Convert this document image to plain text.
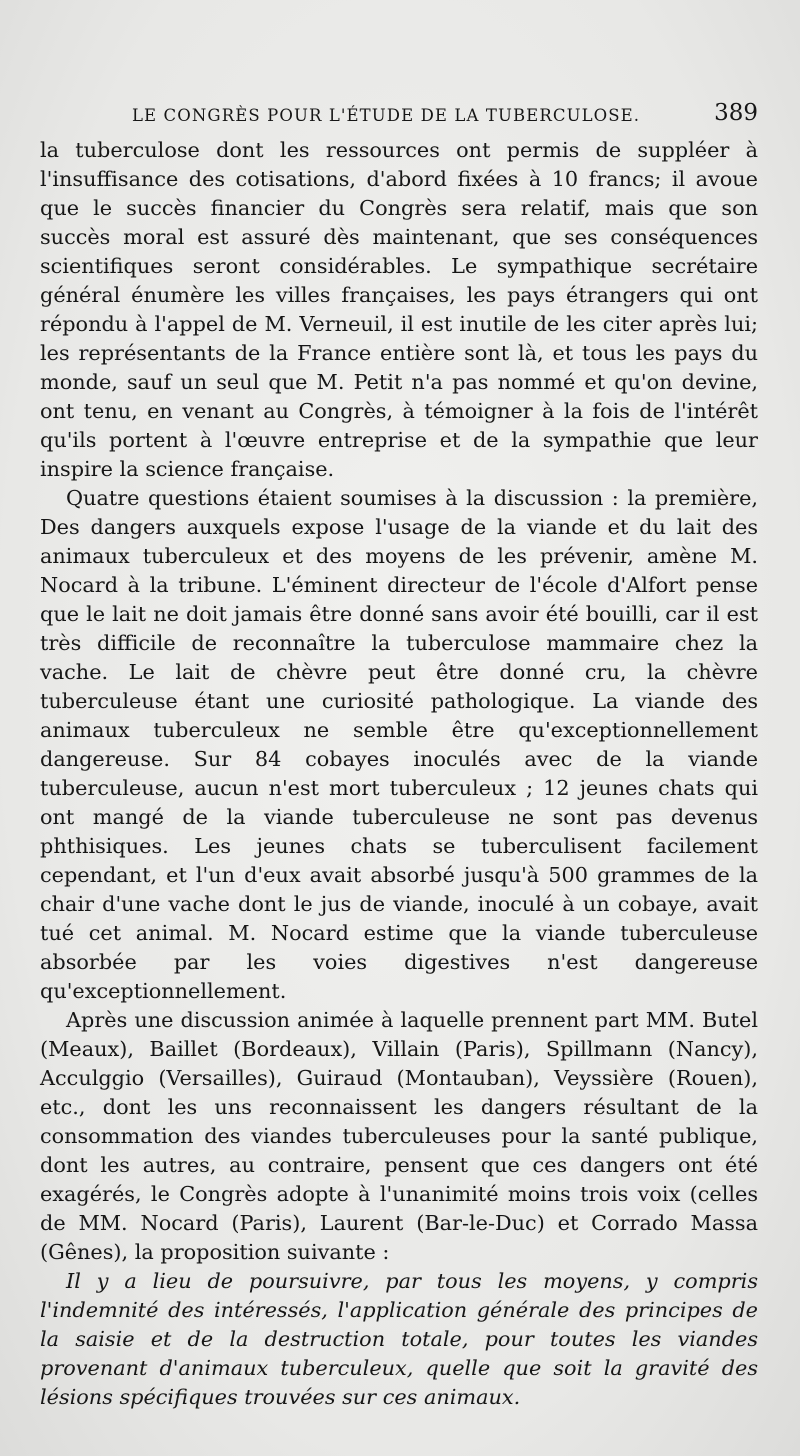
LE CONGRÈS POUR L'ÉTUDE DE LA TUBERCULOSE.	389

la tuberculose dont les ressources ont permis de suppléer à l'insuffisance des cotisations, d'abord fixées à 10 francs; il avoue que le succès financier du Congrès sera relatif, mais que son succès moral est assuré dès maintenant, que ses conséquences scientifiques seront considérables. Le sympathique secrétaire général énumère les villes françaises, les pays étrangers qui ont répondu à l'appel de M. Verneuil, il est inutile de les citer après lui; les représentants de la France entière sont là, et tous les pays du monde, sauf un seul que M. Petit n'a pas nommé et qu'on devine, ont tenu, en venant au Congrès, à témoigner à la fois de l'intérêt qu'ils portent à l'œuvre entreprise et de la sympathie que leur inspire la science française.

Quatre questions étaient soumises à la discussion : la première, Des dangers auxquels expose l'usage de la viande et du lait des animaux tuberculeux et des moyens de les prévenir, amène M. Nocard à la tribune. L'éminent directeur de l'école d'Alfort pense que le lait ne doit jamais être donné sans avoir été bouilli, car il est très difficile de reconnaître la tuberculose mammaire chez la vache. Le lait de chèvre peut être donné cru, la chèvre tuberculeuse étant une curiosité pathologique. La viande des animaux tuberculeux ne semble être qu'exceptionnellement dangereuse. Sur 84 cobayes inoculés avec de la viande tuberculeuse, aucun n'est mort tuberculeux ; 12 jeunes chats qui ont mangé de la viande tuberculeuse ne sont pas devenus phthisiques. Les jeunes chats se tuberculisent facilement cependant, et l'un d'eux avait absorbé jusqu'à 500 grammes de la chair d'une vache dont le jus de viande, inoculé à un cobaye, avait tué cet animal. M. Nocard estime que la viande tuberculeuse absorbée par les voies digestives n'est dangereuse qu'exceptionnellement.

Après une discussion animée à laquelle prennent part MM. Butel (Meaux), Baillet (Bordeaux), Villain (Paris), Spillmann (Nancy), Acculggio (Versailles), Guiraud (Montauban), Veyssière (Rouen), etc., dont les uns reconnaissent les dangers résultant de la consommation des viandes tuberculeuses pour la santé publique, dont les autres, au contraire, pensent que ces dangers ont été exagérés, le Congrès adopte à l'unanimité moins trois voix (celles de MM. Nocard (Paris), Laurent (Bar-le-Duc) et Corrado Massa (Gênes), la proposition suivante :

Il y a lieu de poursuivre, par tous les moyens, y compris l'indemnité des intéressés, l'application générale des principes de la saisie et de la destruction totale, pour toutes les viandes provenant d'animaux tuberculeux, quelle que soit la gravité des lésions spécifiques trouvées sur ces animaux.
